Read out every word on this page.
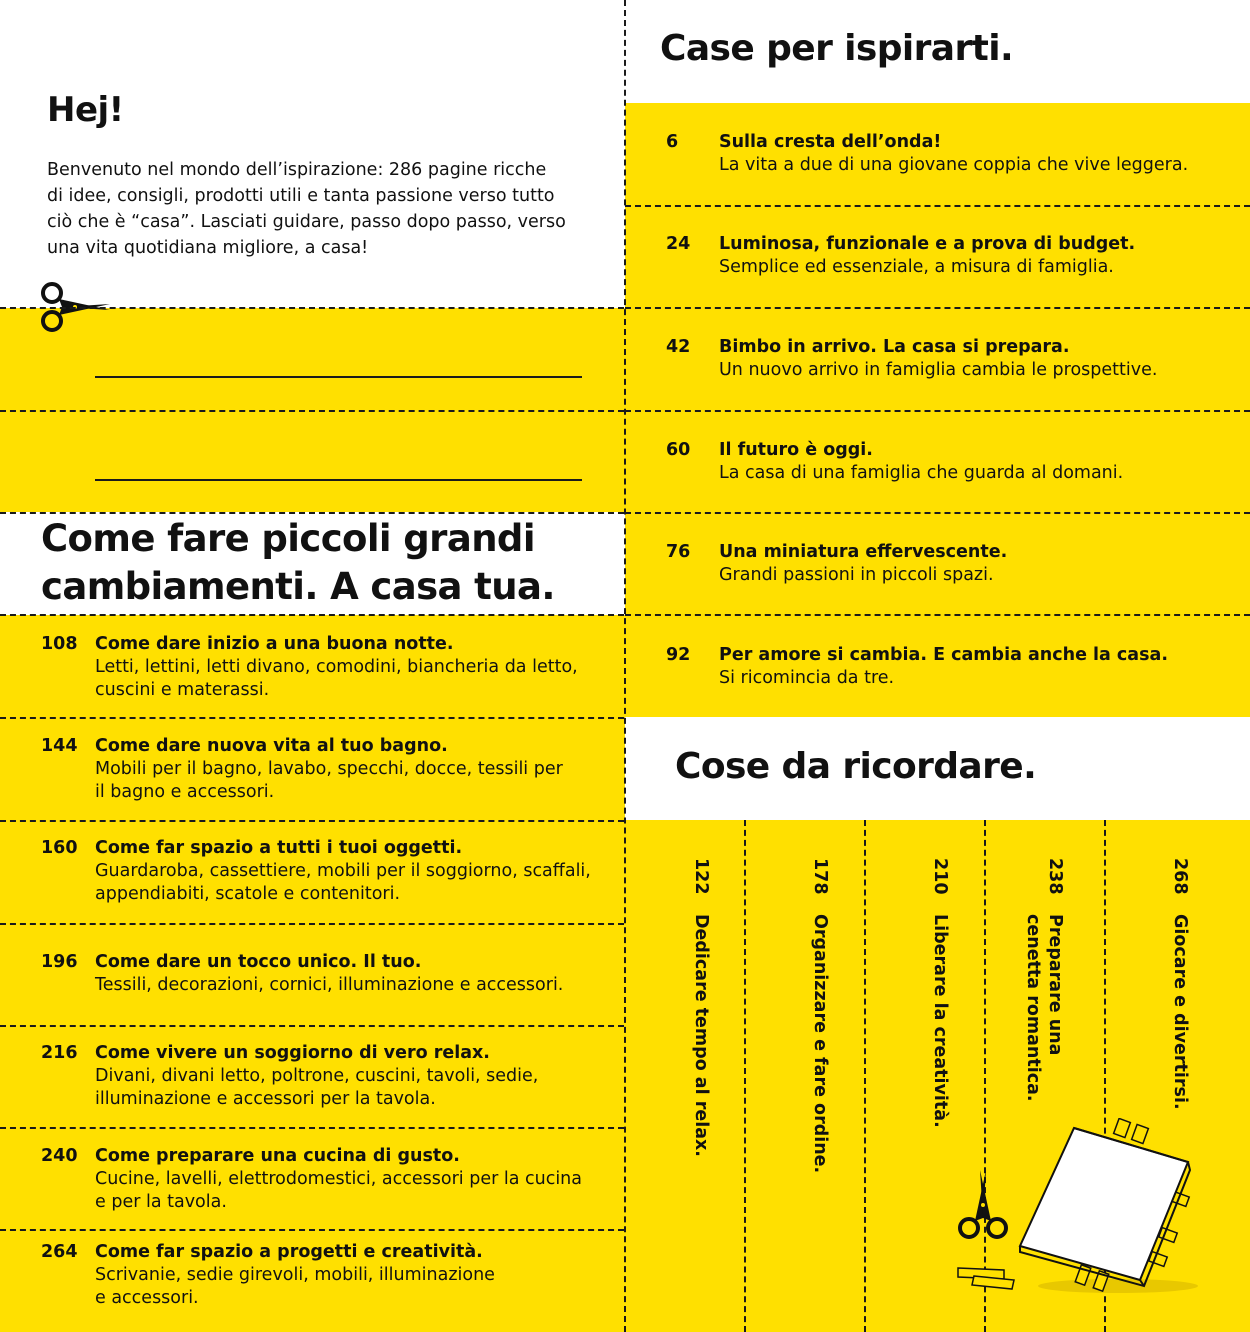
Hej!
Benvenuto nel mondo dell’ispirazione: 286 pagine ricche di idee, consigli, prodotti utili e tanta passione verso tutto ciò che è “casa”. Lasciati guidare, passo dopo passo, verso una vita quotidiana migliore, a casa!
Come fare piccoli grandi
cambiamenti. A casa tua.
108 Come dare inizio a una buona notte.
Letti, lettini, letti divano, comodini, biancheria da letto,
cuscini e materassi.
144 Come dare nuova vita al tuo bagno.
Mobili per il bagno, lavabo, specchi, docce, tessili per
il bagno e accessori.
160 Come far spazio a tutti i tuoi oggetti.
Guardaroba, cassettiere, mobili per il soggiorno, scaffali,
appendiabiti, scatole e contenitori.
196 Come dare un tocco unico. Il tuo.
Tessili, decorazioni, cornici, illuminazione e accessori.
216 Come vivere un soggiorno di vero relax.
Divani, divani letto, poltrone, cuscini, tavoli, sedie,
illuminazione e accessori per la tavola.
240 Come preparare una cucina di gusto.
Cucine, lavelli, elettrodomestici, accessori per la cucina
e per la tavola.
264 Come far spazio a progetti e creatività.
Scrivanie, sedie girevoli, mobili, illuminazione
e accessori.
Case per ispirarti.
6 Sulla cresta dell’onda!
La vita a due di una giovane coppia che vive leggera.
24 Luminosa, funzionale e a prova di budget.
Semplice ed essenziale, a misura di famiglia.
42 Bimbo in arrivo. La casa si prepara.
Un nuovo arrivo in famiglia cambia le prospettive.
60 Il futuro è oggi.
La casa di una famiglia che guarda al domani.
76 Una miniatura effervescente.
Grandi passioni in piccoli spazi.
92 Per amore si cambia. E cambia anche la casa.
Si ricomincia da tre.
Cose da ricordare.
122Dedicare tempo al relax.
178Organizzare e fare ordine.
210Liberare la creatività.
238
Preparare una
cenetta romantica.
268Giocare e divertirsi.
